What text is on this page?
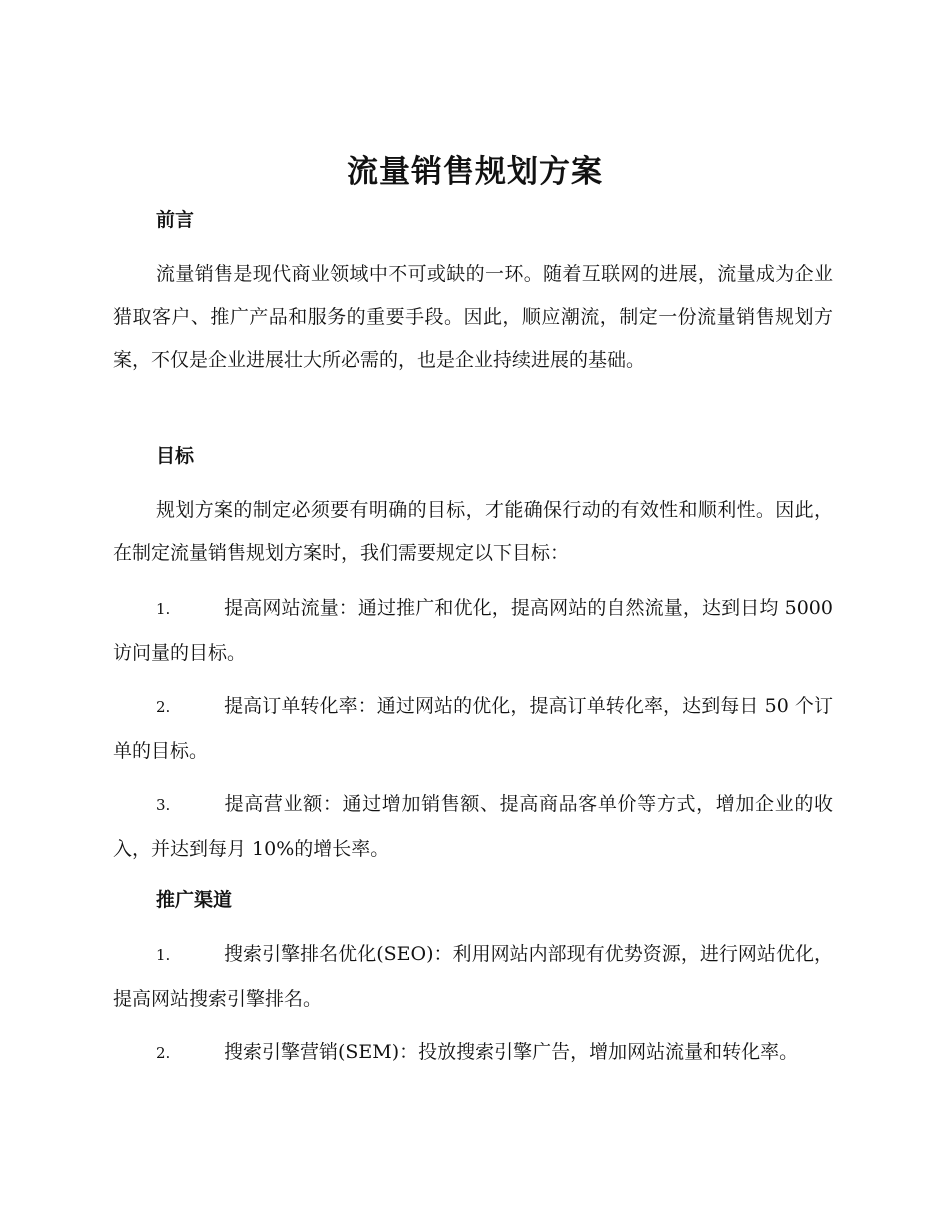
流量销售规划方案
前言

流量销售是现代商业领域中不可或缺的一环。随着互联网的进展，流量成为企业猎取客户、推广产品和服务的重要手段。因此，顺应潮流，制定一份流量销售规划方案，不仅是企业进展壮大所必需的，也是企业持续进展的基础。

目标

规划方案的制定必须要有明确的目标，才能确保行动的有效性和顺利性。因此，在制定流量销售规划方案时，我们需要规定以下目标：

1.	提高网站流量：通过推广和优化，提高网站的自然流量，达到日均 5000 访问量的目标。

2.	提高订单转化率：通过网站的优化，提高订单转化率，达到每日 50 个订单的目标。

3.	提高营业额：通过增加销售额、提高商品客单价等方式，增加企业的收入，并达到每月 10%的增长率。

推广渠道

1.	搜索引擎排名优化(SEO)：利用网站内部现有优势资源，进行网站优化，提高网站搜索引擎排名。

2.	搜索引擎营销(SEM)：投放搜索引擎广告，增加网站流量和转化率。
